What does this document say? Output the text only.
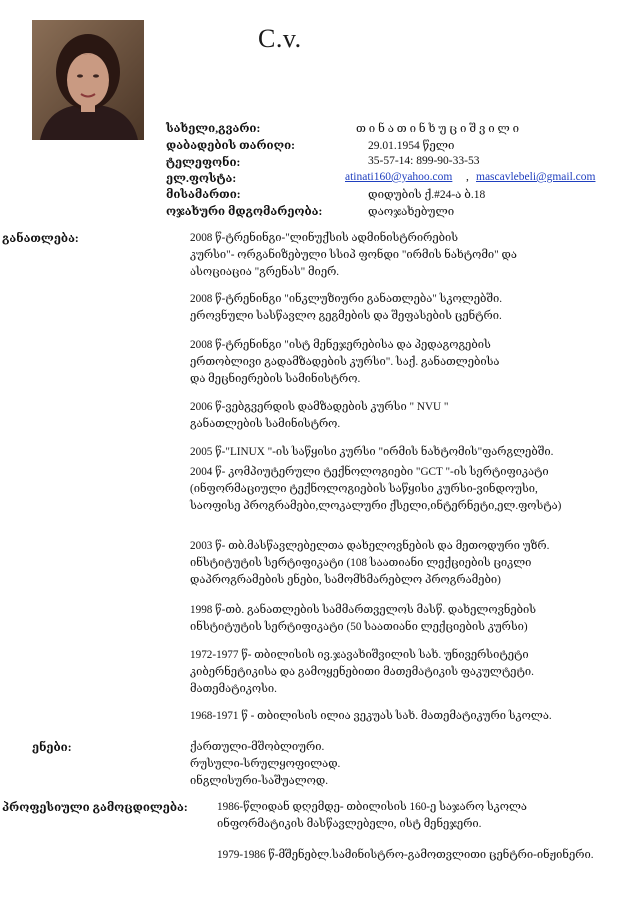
C.v.
სახელი,გვარი:	თ ი ნ ა თ ი ნ ხ უ ც ი შ ვ ი ლ ი
დაბადების თარიღი:	29.01.1954 წელი
ტელეფონი:	35-57-14: 899-90-33-53
ელ.ფოსტა:	atinati160@yahoo.com , mascavlebeli@gmail.com
მისამართი:	დიდუბის ქ.#24-ა ბ.18
ოჯახური მდგომარეობა:	დაოჯახებული
განათლება:	2008 წ-ტრენინგი-"ლინუქსის ადმინისტრირების
კურსი"- ორგანიზებული სსიპ ფონდი "ირმის ნახტომი" და
ასოციაცია "გრენას" მიერ.
2008 წ-ტრენინგი "ინკლუზიური განათლება" სკოლებში.
ეროვნული სასწავლო გეგმების და შეფასების ცენტრი.
2008 წ-ტრენინგი "ისტ მენეჯერებისა და პედაგოგების
ერთობლივი გადამზადების კურსი". საქ. განათლებისა
და მეცნიერების სამინისტრო.
2006 წ-ვებგვერდის დამზადების კურსი " NVU "
განათლების სამინისტრო.
2005 წ-"LINUX "-ის საწყისი კურსი "ირმის ნახტომის"ფარგლებში.
2004 წ- კომპიუტერული ტექნოლოგიები "GCT "-ის სერტიფიკატი
(ინფორმაციული ტექნოლოგიების საწყისი კურსი-ვინდოუსი,
საოფისე პროგრამები,ლოკალური ქსელი,ინტერნეტი,ელ.ფოსტა)
2003 წ- თბ.მასწავლებელთა დახელოვნების და მეთოდური უზრ.
ინსტიტუტის სერტიფიკატი (108 საათიანი ლექციების ციკლი
დაპროგრამების ენები, სამომხმარებლო პროგრამები)
1998 წ-თბ. განათლების სამმართველოს მასწ. დახელოვნების
ინსტიტუტის სერტიფიკატი (50 საათიანი ლექციების კურსი)
1972-1977 წ- თბილისის ივ.ჯავახიშვილის სახ. უნივერსიტეტი
კიბერნეტიკისა და გამოყენებითი მათემატიკის ფაკულტეტი.
მათემატიკოსი.
1968-1971 წ - თბილისის ილია ვეკუას სახ. მათემატიკური სკოლა.
ენები:	ქართული-მშობლიური.
რუსული-სრულყოფილად.
ინგლისური-საშუალოდ.
პროფესიული გამოცდილება:	1986-წლიდან დღემდე- თბილისის 160-ე საჯარო სკოლა
ინფორმატიკის მასწავლებელი, ისტ მენეჯერი.
1979-1986 წ-მშენებლ.სამინისტრო-გამოთვლითი ცენტრი-ინჟინერი.
